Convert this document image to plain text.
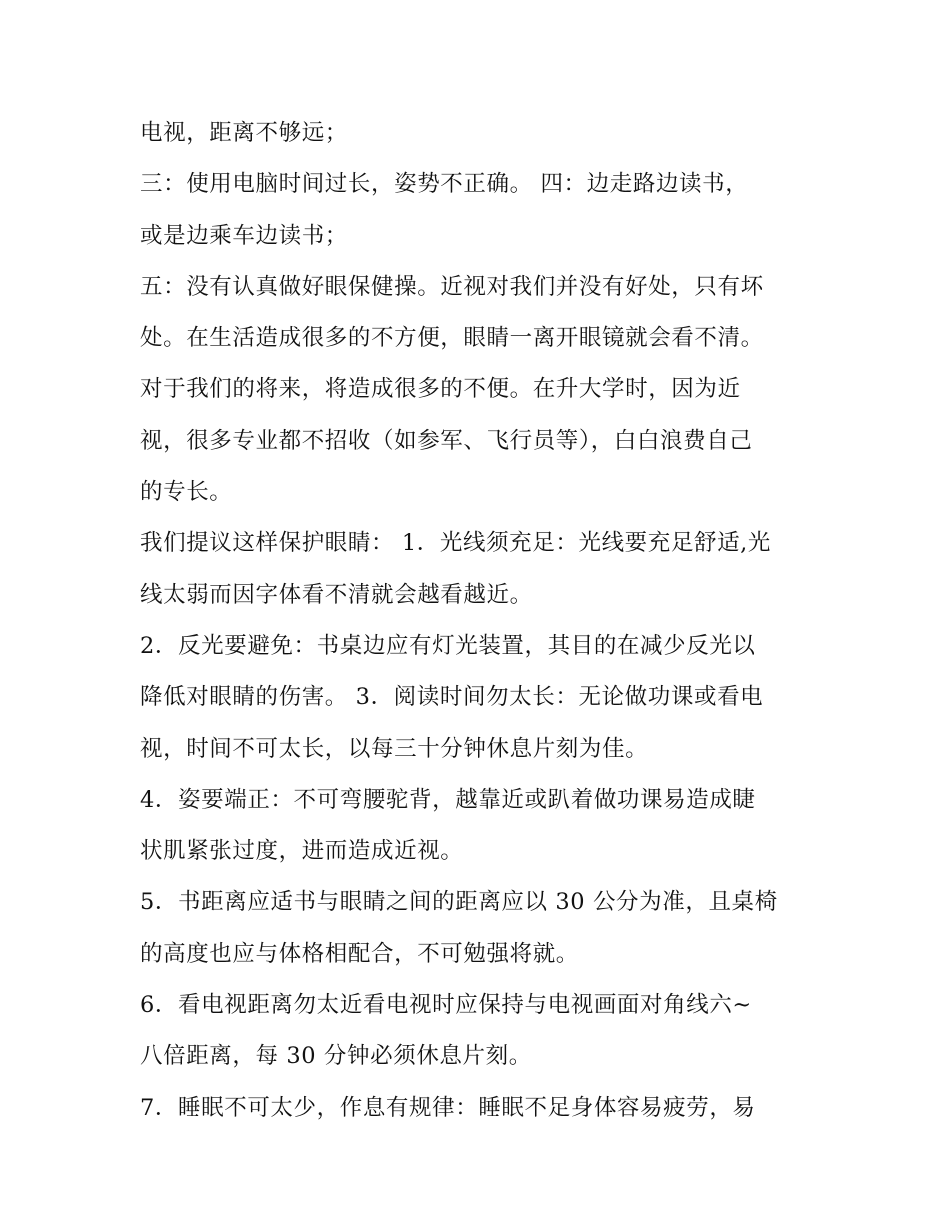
电视，距离不够远；
三：使用电脑时间过长，姿势不正确。 四：边走路边读书，
或是边乘车边读书；
五：没有认真做好眼保健操。近视对我们并没有好处，只有坏
处。在生活造成很多的不方便，眼睛一离开眼镜就会看不清。
对于我们的将来，将造成很多的不便。在升大学时，因为近
视，很多专业都不招收（如参军、飞行员等），白白浪费自己
的专长。
我们提议这样保护眼睛： 1．光线须充足：光线要充足舒适,光
线太弱而因字体看不清就会越看越近。
2．反光要避免：书桌边应有灯光装置，其目的在减少反光以
降低对眼睛的伤害。 3．阅读时间勿太长：无论做功课或看电
视，时间不可太长，以每三十分钟休息片刻为佳。
4．姿要端正：不可弯腰驼背，越靠近或趴着做功课易造成睫
状肌紧张过度，进而造成近视。
5．书距离应适书与眼睛之间的距离应以 30 公分为准，且桌椅
的高度也应与体格相配合，不可勉强将就。
6．看电视距离勿太近看电视时应保持与电视画面对角线六~
八倍距离，每 30 分钟必须休息片刻。
7．睡眠不可太少，作息有规律：睡眠不足身体容易疲劳，易
